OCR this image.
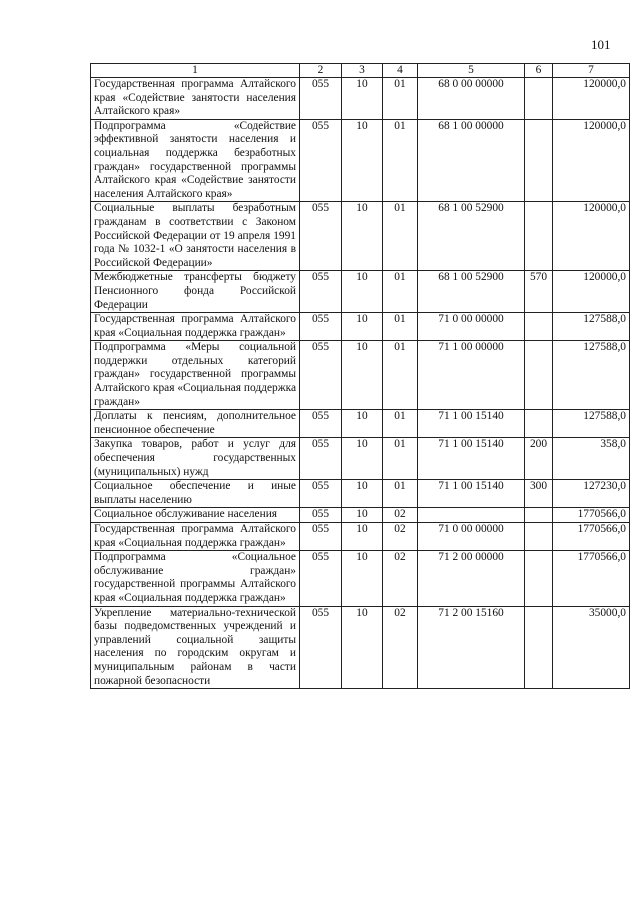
101
1	2	3	4	5	6	7
Государственная программа Алтайского края «Содействие занятости населения Алтайского края»	055	10	01	68 0 00 00000		120000,0
Подпрограмма «Содействие эффективной занятости населения и социальная поддержка безработных граждан» государственной программы Алтайского края «Содействие занятости населения Алтайского края»	055	10	01	68 1 00 00000		120000,0
Социальные выплаты безработным гражданам в соответствии с Законом Российской Федерации от 19 апреля 1991 года № 1032-1 «О занятости населения в Российской Федерации»	055	10	01	68 1 00 52900		120000,0
Межбюджетные трансферты бюджету Пенсионного фонда Российской Федерации	055	10	01	68 1 00 52900	570	120000,0
Государственная программа Алтайского края «Социальная поддержка граждан»	055	10	01	71 0 00 00000		127588,0
Подпрограмма «Меры социальной поддержки отдельных категорий граждан» государственной программы Алтайского края «Социальная поддержка граждан»	055	10	01	71 1 00 00000		127588,0
Доплаты к пенсиям, дополнительное пенсионное обеспечение	055	10	01	71 1 00 15140		127588,0
Закупка товаров, работ и услуг для обеспечения государственных (муниципальных) нужд	055	10	01	71 1 00 15140	200	358,0
Социальное обеспечение и иные выплаты населению	055	10	01	71 1 00 15140	300	127230,0
Социальное обслуживание населения	055	10	02			1770566,0
Государственная программа Алтайского края «Социальная поддержка граждан»	055	10	02	71 0 00 00000		1770566,0
Подпрограмма «Социальное обслуживание граждан» государственной программы Алтайского края «Социальная поддержка граждан»	055	10	02	71 2 00 00000		1770566,0
Укрепление материально-технической базы подведомственных учреждений и управлений социальной защиты населения по городским округам и муниципальным районам в части пожарной безопасности	055	10	02	71 2 00 15160		35000,0
